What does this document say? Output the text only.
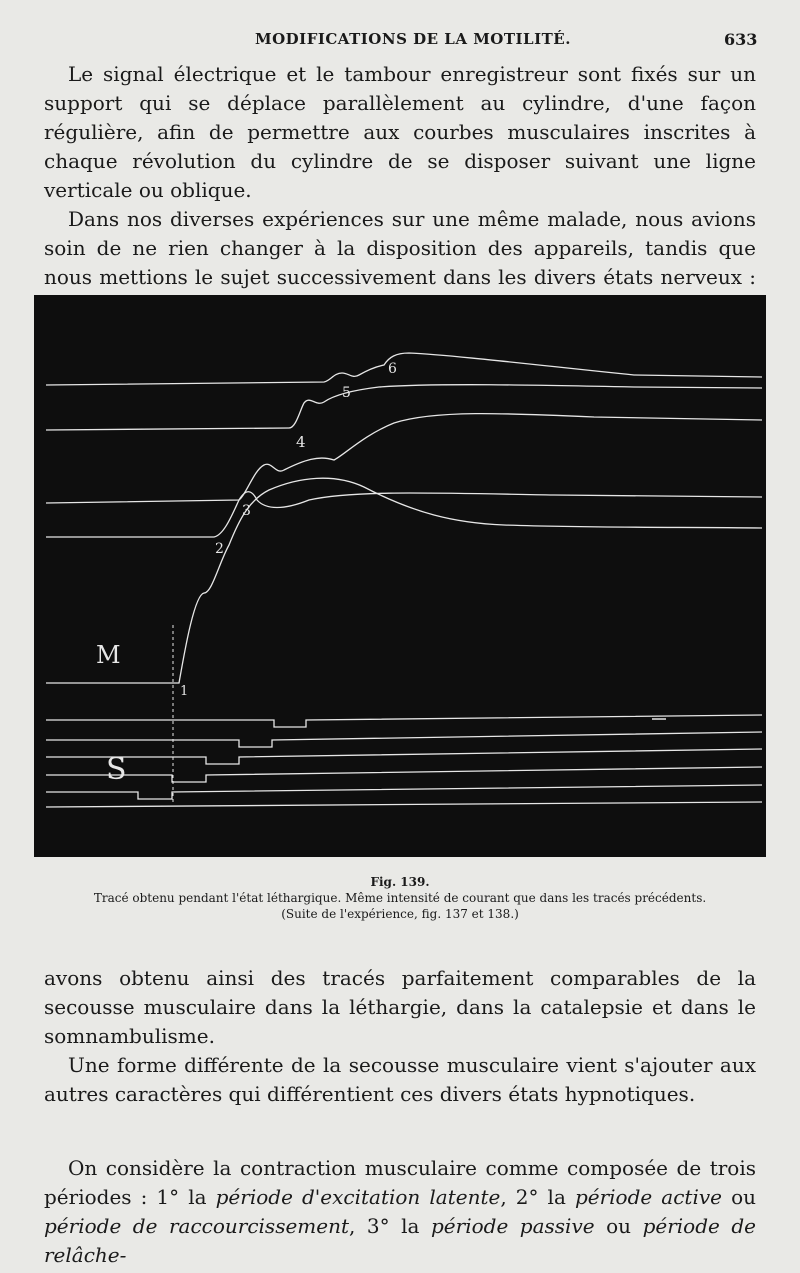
MODIFICATIONS DE LA MOTILITÉ.	633

Le signal électrique et le tambour enregistreur sont fixés sur un support qui se déplace parallèlement au cylindre, d'une façon régulière, afin de permettre aux courbes musculaires inscrites à chaque révolution du cylindre de se disposer suivant une ligne verticale ou oblique.

Dans nos diverses expériences sur une même malade, nous avions soin de ne rien changer à la disposition des appareils, tandis que nous mettions le sujet successivement dans les divers états nerveux :

M
S
1
2
3
4
5
6
Fig. 139.
Tracé obtenu pendant l'état léthargique. Même intensité de courant que dans les tracés précédents.
(Suite de l'expérience, fig. 137 et 138.)

avons obtenu ainsi des tracés parfaitement comparables de la secousse musculaire dans la léthargie, dans la catalepsie et dans le somnambulisme.

Une forme différente de la secousse musculaire vient s'ajouter aux autres caractères qui différentient ces divers états hypnotiques.

On considère la contraction musculaire comme composée de trois périodes : 1° la période d'excitation latente, 2° la période active ou période de raccourcissement, 3° la période passive ou période de relâche-
